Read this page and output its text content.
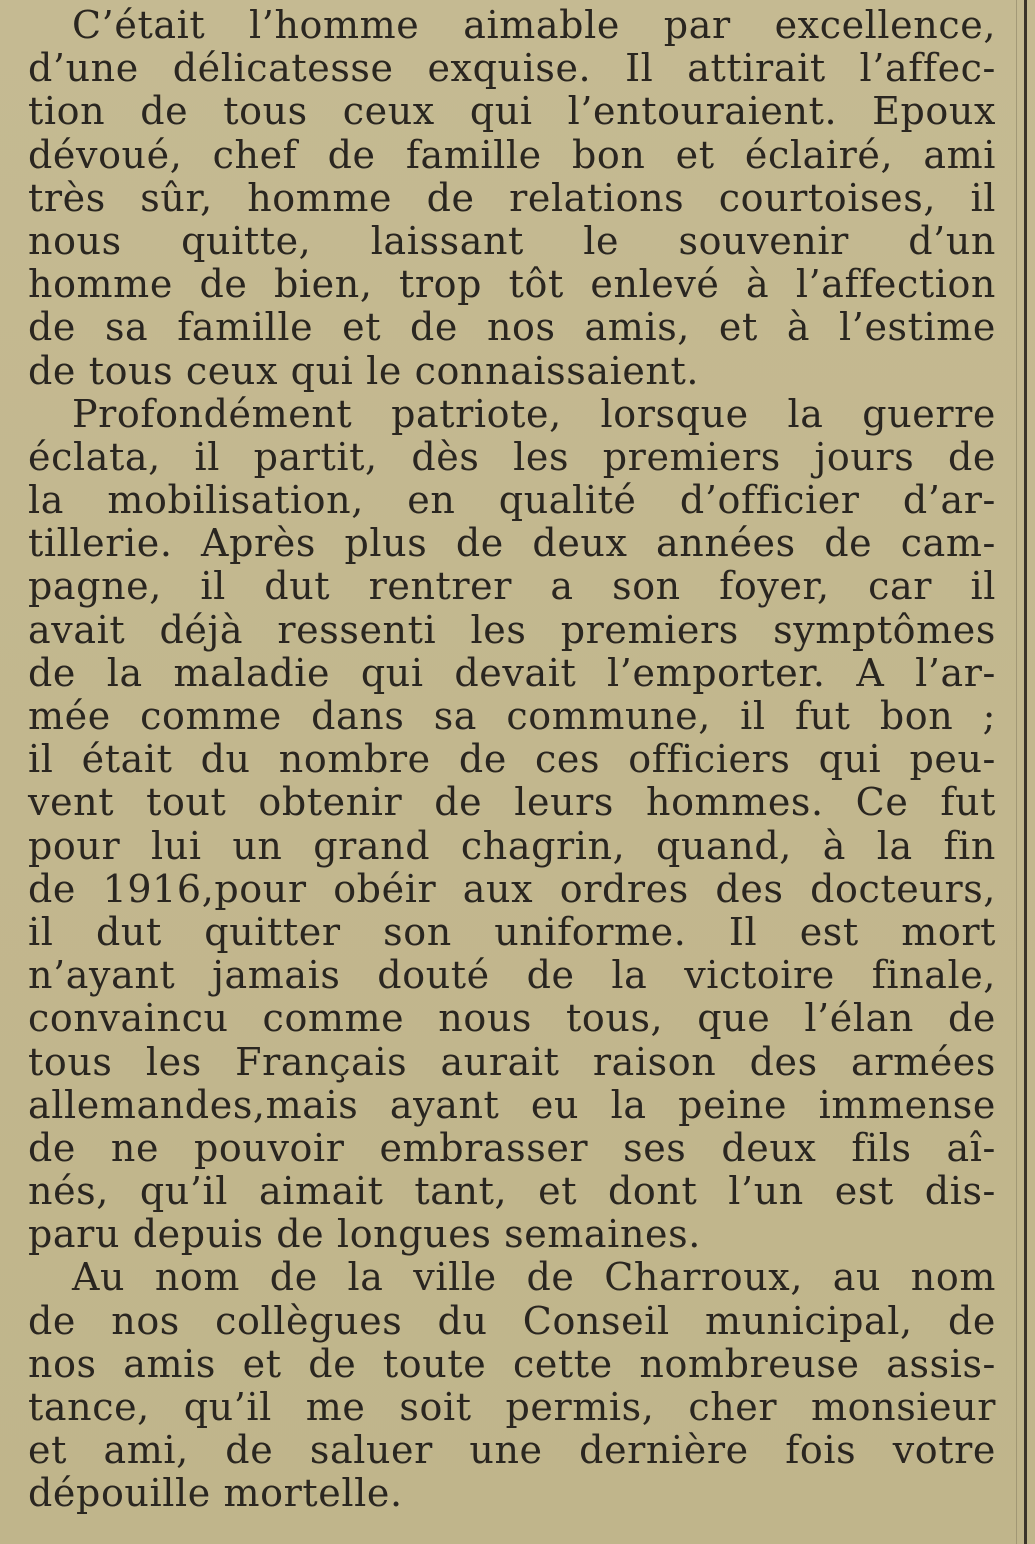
C’était l’homme aimable par excellence,
d’une délicatesse exquise. Il attirait l’affec-
tion de tous ceux qui l’entouraient. Epoux
dévoué, chef de famille bon et éclairé, ami
très sûr, homme de relations courtoises, il
nous quitte, laissant le souvenir d’un
homme de bien, trop tôt enlevé à l’affection
de sa famille et de nos amis, et à l’estime
de tous ceux qui le connaissaient.
Profondément patriote, lorsque la guerre
éclata, il partit, dès les premiers jours de
la mobilisation, en qualité d’officier d’ar-
tillerie. Après plus de deux années de cam-
pagne, il dut rentrer a son foyer, car il
avait déjà ressenti les premiers symptômes
de la maladie qui devait l’emporter. A l’ar-
mée comme dans sa commune, il fut bon ;
il était du nombre de ces officiers qui peu-
vent tout obtenir de leurs hommes. Ce fut
pour lui un grand chagrin, quand, à la fin
de 1916,pour obéir aux ordres des docteurs,
il dut quitter son uniforme. Il est mort
n’ayant jamais douté de la victoire finale,
convaincu comme nous tous, que l’élan de
tous les Français aurait raison des armées
allemandes,mais ayant eu la peine immense
de ne pouvoir embrasser ses deux fils aî-
nés, qu’il aimait tant, et dont l’un est dis-
paru depuis de longues semaines.
Au nom de la ville de Charroux, au nom
de nos collègues du Conseil municipal, de
nos amis et de toute cette nombreuse assis-
tance, qu’il me soit permis, cher monsieur
et ami, de saluer une dernière fois votre
dépouille mortelle.
